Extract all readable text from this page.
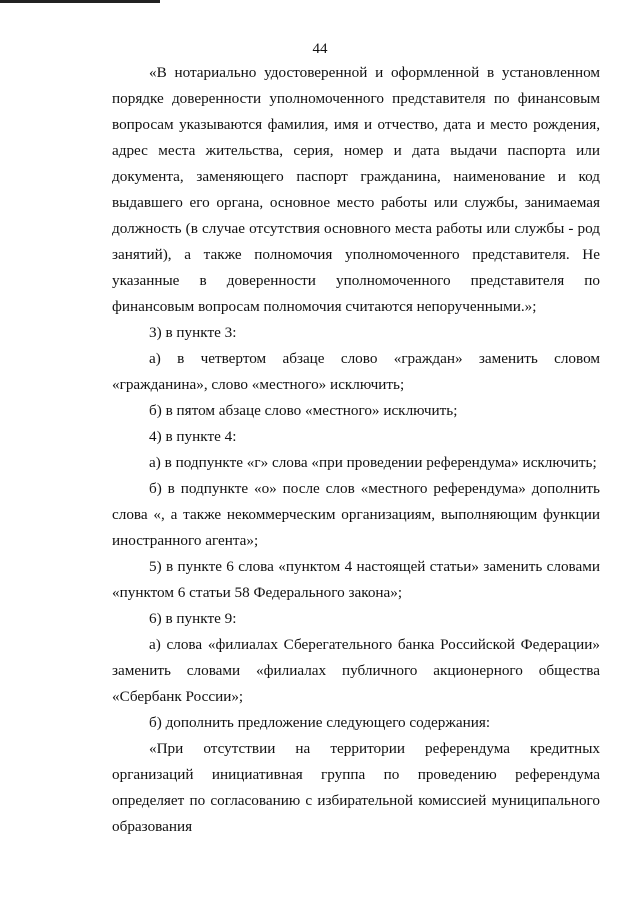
44

«В нотариально удостоверенной и оформленной в установленном порядке доверенности уполномоченного представителя по финансовым вопросам указываются фамилия, имя и отчество, дата и место рождения, адрес места жительства, серия, номер и дата выдачи паспорта или документа, заменяющего паспорт гражданина, наименование и код выдавшего его органа, основное место работы или службы, занимаемая должность (в случае отсутствия основного места работы или службы - род занятий), а также полномочия уполномоченного представителя. Не указанные в доверенности уполномоченного представителя по финансовым вопросам полномочия считаются непорученными.»;

3) в пункте 3:

а) в четвертом абзаце слово «граждан» заменить словом «гражданина», слово «местного» исключить;

б) в пятом абзаце слово «местного» исключить;

4) в пункте 4:

а) в подпункте «г» слова «при проведении референдума» исключить;

б) в подпункте «о» после слов «местного референдума» дополнить слова «, а также некоммерческим организациям, выполняющим функции иностранного агента»;

5) в пункте 6 слова «пунктом 4 настоящей статьи» заменить словами «пунктом 6 статьи 58 Федерального закона»;

6) в пункте 9:

а) слова «филиалах Сберегательного банка Российской Федерации» заменить словами «филиалах публичного акционерного общества «Сбербанк России»;

б) дополнить предложение следующего содержания:

«При отсутствии на территории референдума кредитных организаций инициативная группа по проведению референдума определяет по согласованию с избирательной комиссией муниципального образования
